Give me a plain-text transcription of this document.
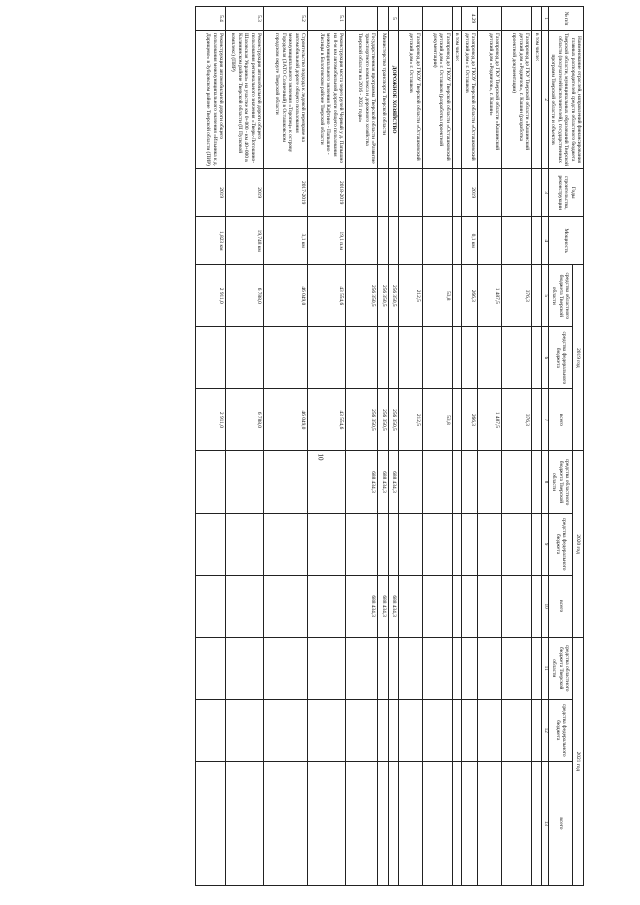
10
№ п/п	Наименование отраслей, направлений финансирования главных распорядителей средств областного бюджета Тверской области, муниципальных образований Тверской области (получателей/исполнителей), государственных программ Тверской области и объектов	Годы строительства, реконструкции	Мощность	2019 год			2020 год			2021 год		
				средства областного бюджета Тверской области	средства федерального бюджета	всего	средства областного бюджета Тверской области	средства федерального бюджета	всего	средства областного бюджета Тверской области	средства федерального бюджета	всего
1	2	3	4	5	6	7	8	9	10	11	12	13
	в том числе:											
	Газопровод до ГКУ Тверской области «Кашинский детский дом «Родничок», г. Кашин (разработка проектной документации)			376,3		376,3						
	Газопровод до ГКУ Тверской области «Кашинский детский дом «Родничок», г. Кашин»			1 487,5		1 487,5						
4.29	Газопровод до ГКОУ Тверской области «Осташковский детский дом» г. Осташков	2019	0,1 км	266,3		266,3						
	в том числе:											
	Газопровод до ГКОУ Тверской области «Осташковский детский дом» г. Осташков (разработка проектной документации)			53,8		53,8						
	Газопровод до ГКОУ Тверской области «Осташковский детский дом» г. Осташков			212,5		212,5						
5	ДОРОЖНОЕ ХОЗЯЙСТВО			256 350,5		256 350,5	688 434,3		688 434,3			
	Министерство транспорта Тверской области			256 350,5		256 350,5	688 434,3		688 434,3			
	Государственная программа Тверской области «Развитие транспортного комплекса и дорожного хозяйства Тверской области на 2016 - 2021 годы»			256 350,5		256 350,5	688 434,3		688 434,3			
5.1	Реконструкция моста через ручей Черный у д. Папышно на 8-м км автомобильной дороги общего пользования межмуниципального значения Кафтино - Папышно - Лисицы в Бологовском районе Тверской области	2018-2019	19,1 п.м	43 554,6		43 554,6						
5.2	Строительство подхода к ледовой переправе на автомобильной дороге общего пользования межмуниципального значения «Торопец» к острову Городомля (ЗАТО Солнечный) в Осташковском городском округе Тверской области	2017-2019	3,1 км	46 049,0		46 049,0						
5.3	Реконструкция автомобильной дороги общего пользования регионального значения «Тверь-Лотошино-Шаховская Украина» на участке км 0+000 - км 40+000 в Калининском районе Тверской области (II Пусковой комплекс) (ПИР)	2019	19,748 км	6 788,0		6 788,0						
5.4	Реконструкция автомобильной дороги общего пользования межмуниципального значения «Ильинка к д. Дарищево» в Зубцовском районе Тверской области (ПИР)	2019	1,823 км	2 911,0		2 911,0						
